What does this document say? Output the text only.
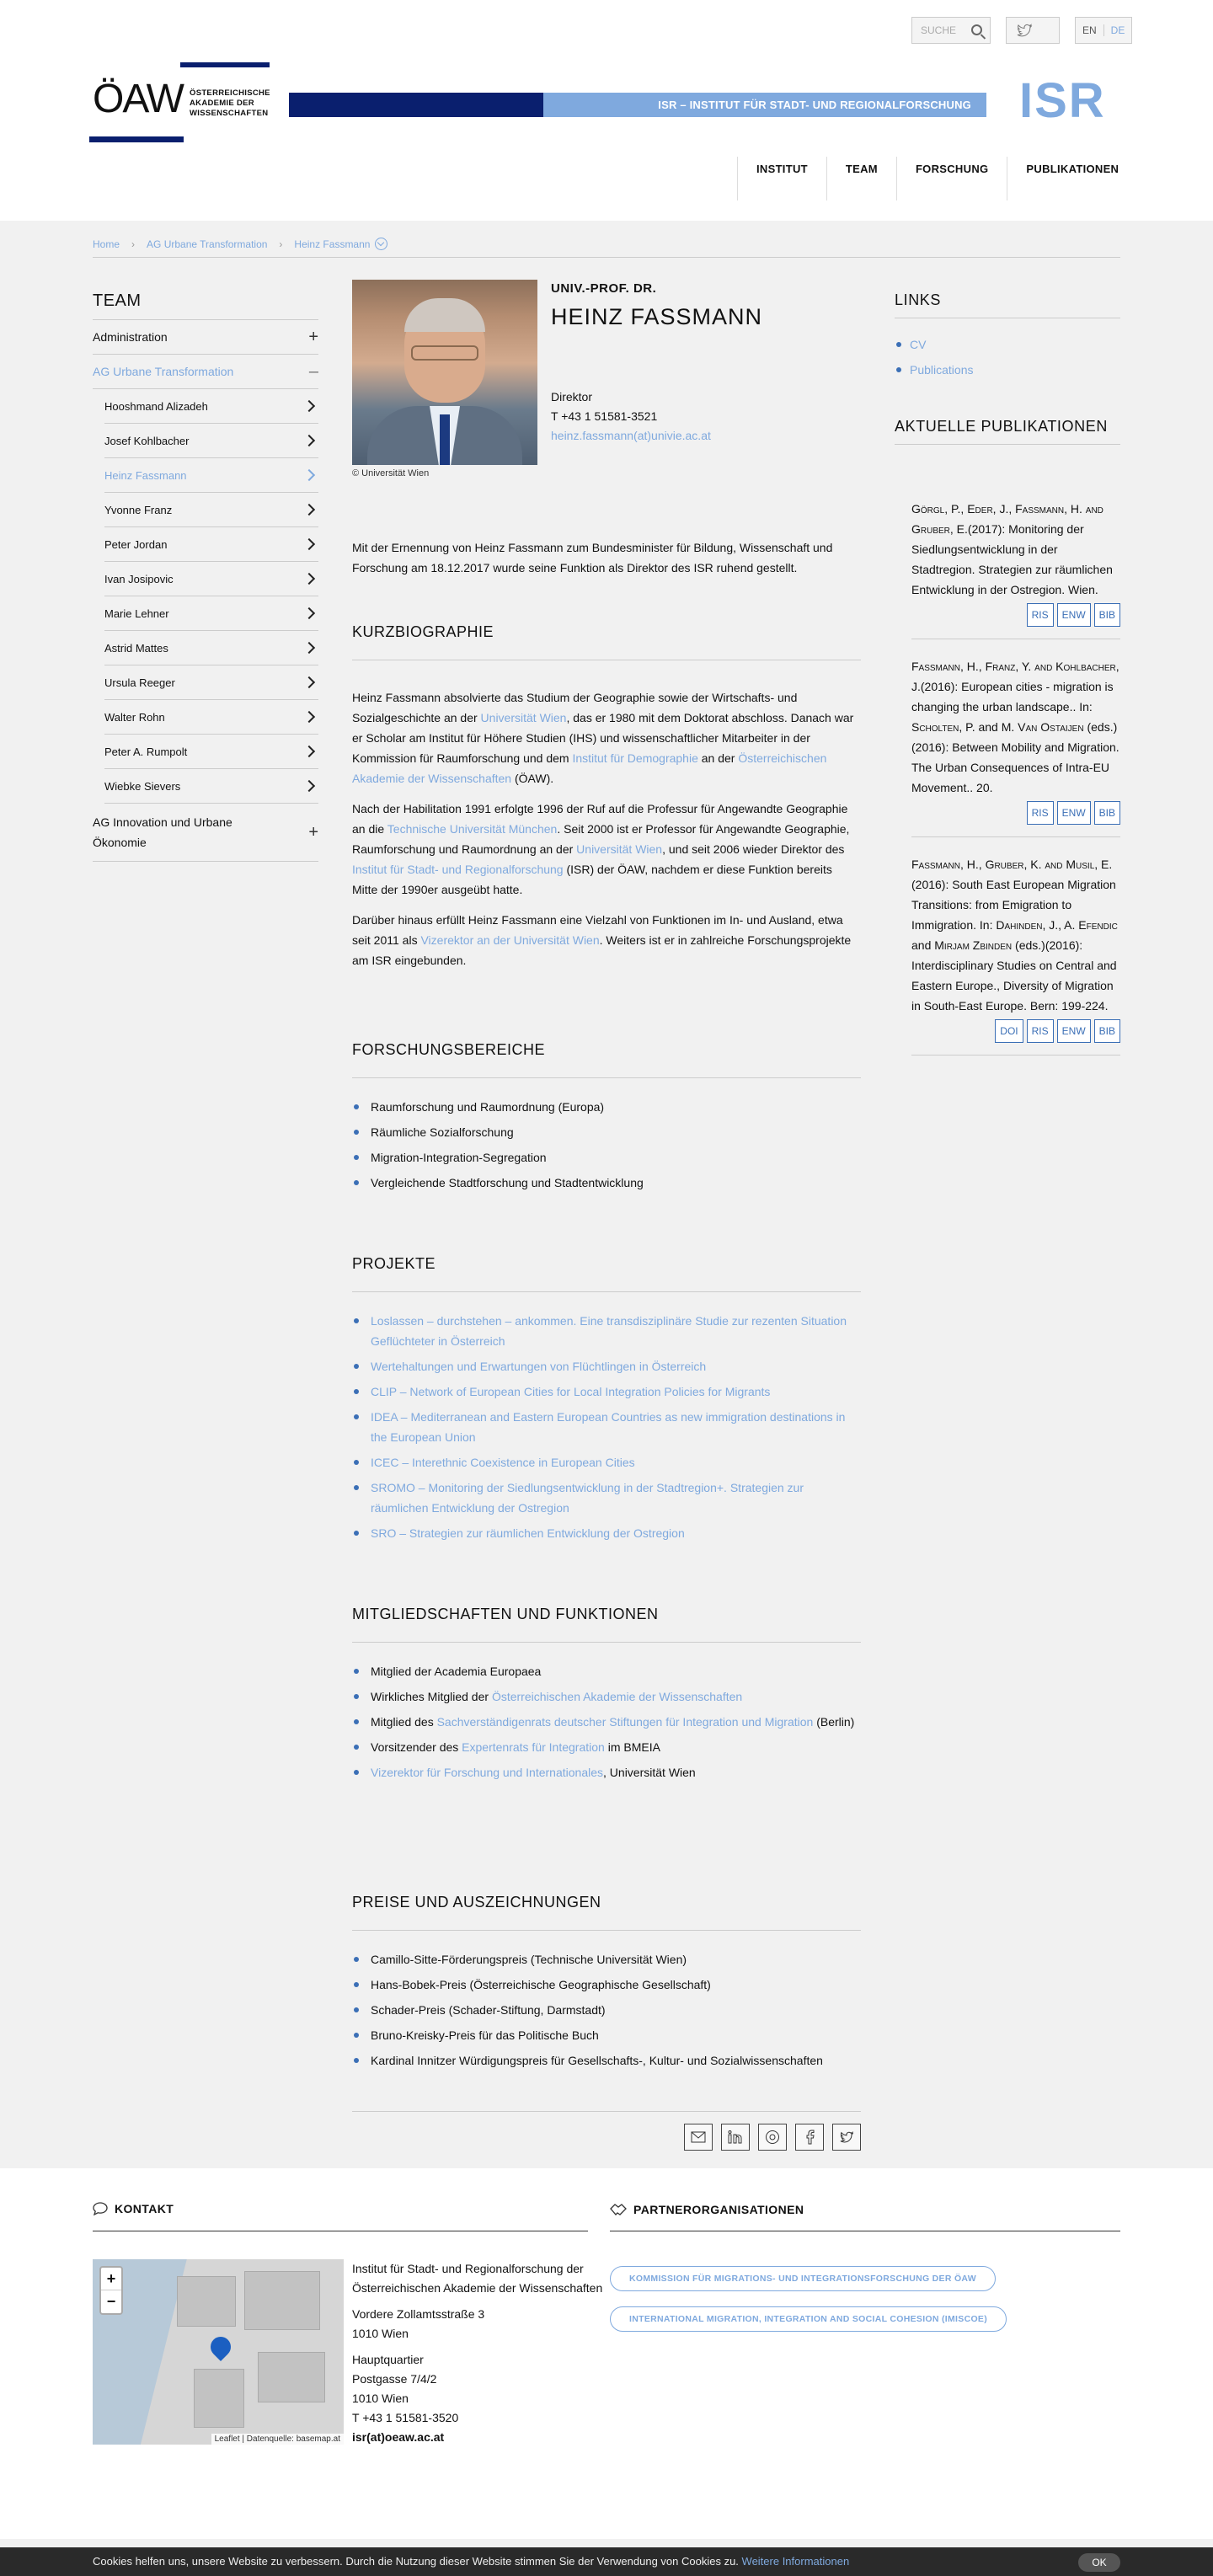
SUCHE	EN	DE
ÖAW ÖSTERREICHISCHE
AKADEMIE DER
WISSENSCHAFTEN
ISR – INSTITUT FÜR STADT- UND REGIONALFORSCHUNG ISR
INSTITUT	TEAM	FORSCHUNG	PUBLIKATIONEN
Home › AG Urbane Transformation › Heinz Fassmann
TEAM
Administration	+
AG Urbane Transformation	–
Hooshmand Alizadeh
Josef Kohlbacher
Heinz Fassmann
Yvonne Franz
Peter Jordan
Ivan Josipovic
Marie Lehner
Astrid Mattes
Ursula Reeger
Walter Rohn
Peter A. Rumpolt
Wiebke Sievers
AG Innovation und Urbane Ökonomie
+
© Universität Wien
UNIV.-PROF. DR.
HEINZ FASSMANN
Direktor
T +43 1 51581-3521
heinz.fassmann(at)univie.ac.at

Mit der Ernennung von Heinz Fassmann zum Bundesminister für Bildung, Wissenschaft und Forschung am 18.12.2017 wurde seine Funktion als Direktor des ISR ruhend gestellt.

KURZBIOGRAPHIE

Heinz Fassmann absolvierte das Studium der Geographie sowie der Wirtschafts- und Sozialgeschichte an der Universität Wien, das er 1980 mit dem Doktorat abschloss. Danach war er Scholar am Institut für Höhere Studien (IHS) und wissenschaftlicher Mitarbeiter in der Kommission für Raumforschung und dem Institut für Demographie an der Österreichischen Akademie der Wissenschaften (ÖAW).

Nach der Habilitation 1991 erfolgte 1996 der Ruf auf die Professur für Angewandte Geographie an die Technische Universität München. Seit 2000 ist er Professor für Angewandte Geographie, Raumforschung und Raumordnung an der Universität Wien, und seit 2006 wieder Direktor des Institut für Stadt- und Regionalforschung (ISR) der ÖAW, nachdem er diese Funktion bereits Mitte der 1990er ausgeübt hatte.

Darüber hinaus erfüllt Heinz Fassmann eine Vielzahl von Funktionen im In- und Ausland, etwa seit 2011 als Vizerektor an der Universität Wien. Weiters ist er in zahlreiche Forschungsprojekte am ISR eingebunden.

FORSCHUNGSBEREICHE
Raumforschung und Raumordnung (Europa)
Räumliche Sozialforschung
Migration-Integration-Segregation
Vergleichende Stadtforschung und Stadtentwicklung
PROJEKTE
Loslassen – durchstehen – ankommen. Eine transdisziplinäre Studie zur rezenten Situation Geflüchteter in Österreich
Wertehaltungen und Erwartungen von Flüchtlingen in Österreich
CLIP – Network of European Cities for Local Integration Policies for Migrants
IDEA – Mediterranean and Eastern European Countries as new immigration destinations in the European Union
ICEC – Interethnic Coexistence in European Cities
SROMO – Monitoring der Siedlungsentwicklung in der Stadtregion+. Strategien zur räumlichen Entwicklung der Ostregion
SRO – Strategien zur räumlichen Entwicklung der Ostregion
MITGLIEDSCHAFTEN UND FUNKTIONEN
Mitglied der Academia Europaea
Wirkliches Mitglied der Österreichischen Akademie der Wissenschaften
Mitglied des Sachverständigenrats deutscher Stiftungen für Integration und Migration (Berlin)
Vorsitzender des Expertenrats für Integration im BMEIA
Vizerektor für Forschung und Internationales, Universität Wien
PREISE UND AUSZEICHNUNGEN
Camillo-Sitte-Förderungspreis (Technische Universität Wien)
Hans-Bobek-Preis (Österreichische Geographische Gesellschaft)
Schader-Preis (Schader-Stiftung, Darmstadt)
Bruno-Kreisky-Preis für das Politische Buch
Kardinal Innitzer Würdigungspreis für Gesellschafts-, Kultur- und Sozialwissenschaften
LINKS
CV
Publications
AKTUELLE PUBLIKATIONEN
Görgl, P., Eder, J., Fassmann, H. and Gruber, E.(2017): Monitoring der Siedlungsentwicklung in der Stadtregion. Strategien zur räumlichen Entwicklung in der Ostregion. Wien.
RIS	ENW	BIB
Fassmann, H., Franz, Y. and Kohlbacher, J.(2016): European cities - migration is changing the urban landscape.. In: Scholten, P. and M. Van Ostaijen (eds.)(2016): Between Mobility and Migration. The Urban Consequences of Intra-EU Movement.. 20.
RIS	ENW	BIB
Fassmann, H., Gruber, K. and Musil, E. (2016): South East European Migration Transitions: from Emigration to Immigration. In: Dahinden, J., A. Efendic and Mirjam Zbinden (eds.)(2016): Interdisciplinary Studies on Central and Eastern Europe., Diversity of Migration in South-East Europe. Bern: 199-224.
DOI	RIS	ENW	BIB
KONTAKT	PARTNERORGANISATIONEN
+
−
Leaflet | Datenquelle: basemap.at

Institut für Stadt- und Regionalforschung der Österreichischen Akademie der Wissenschaften

Vordere Zollamtsstraße 3
1010 Wien

Hauptquartier
Postgasse 7/4/2
1010 Wien
T +43 1 51581-3520
isr(at)oeaw.ac.at

KOMMISSION FÜR MIGRATIONS- UND INTEGRATIONSFORSCHUNG DER ÖAW
INTERNATIONAL MIGRATION, INTEGRATION AND SOCIAL COHESION (IMISCOE)
Cookies helfen uns, unsere Website zu verbessern. Durch die Nutzung dieser Website stimmen Sie der Verwendung von Cookies zu. Weitere Informationen	OK
